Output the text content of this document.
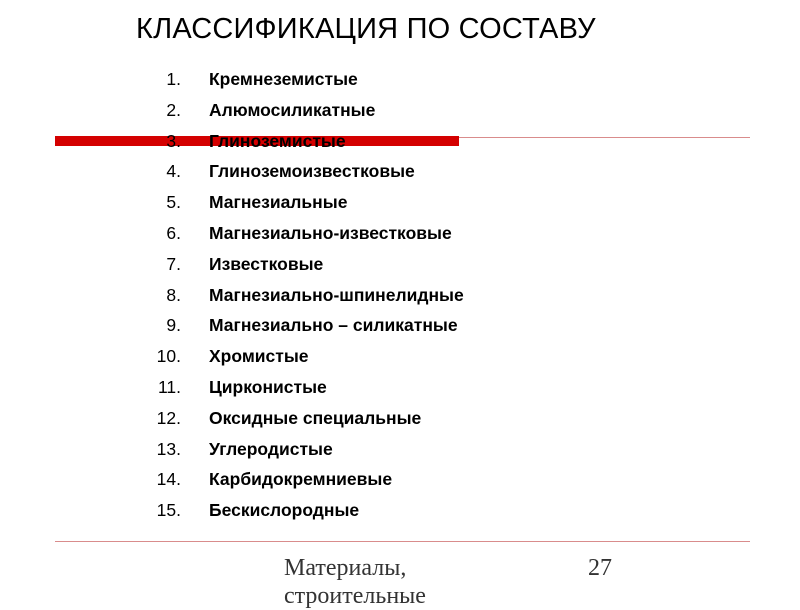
КЛАССИФИКАЦИЯ ПО СОСТАВУ
1. Кремнеземистые
2. Алюмосиликатные
3. Глиноземистые
4. Глиноземоизвестковые
5. Магнезиальные
6. Магнезиально-известковые
7. Известковые
8. Магнезиально-шпинелидные
9. Магнезиально – силикатные
10. Хромистые
11. Цирконистые
12. Оксидные специальные
13. Углеродистые
14. Карбидокремниевые
15. Бескислородные
Материалы, строительные
27
